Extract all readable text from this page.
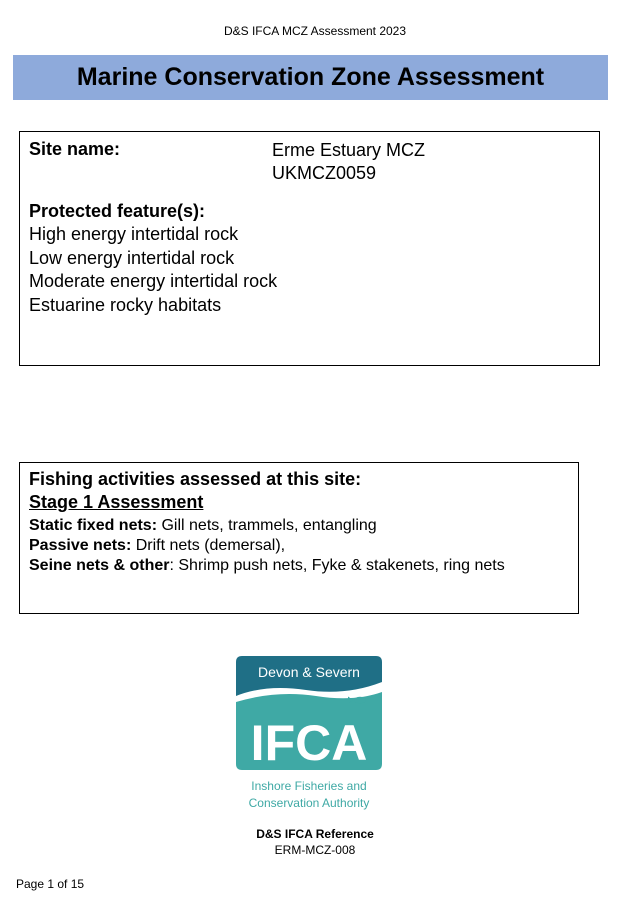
D&S IFCA MCZ Assessment 2023
Marine Conservation Zone Assessment
Site name:	Erme Estuary MCZ
UKMCZ0059
Protected feature(s):
High energy intertidal rock
Low energy intertidal rock
Moderate energy intertidal rock
Estuarine rocky habitats
Fishing activities assessed at this site:
Stage 1 Assessment
Static fixed nets: Gill nets, trammels, entangling
Passive nets: Drift nets (demersal),
Seine nets & other: Shrimp push nets, Fyke & stakenets, ring nets
Devon & Severn
IFCA
Inshore Fisheries and
Conservation Authority
D&S IFCA Reference
ERM-MCZ-008
Page 1 of 15
